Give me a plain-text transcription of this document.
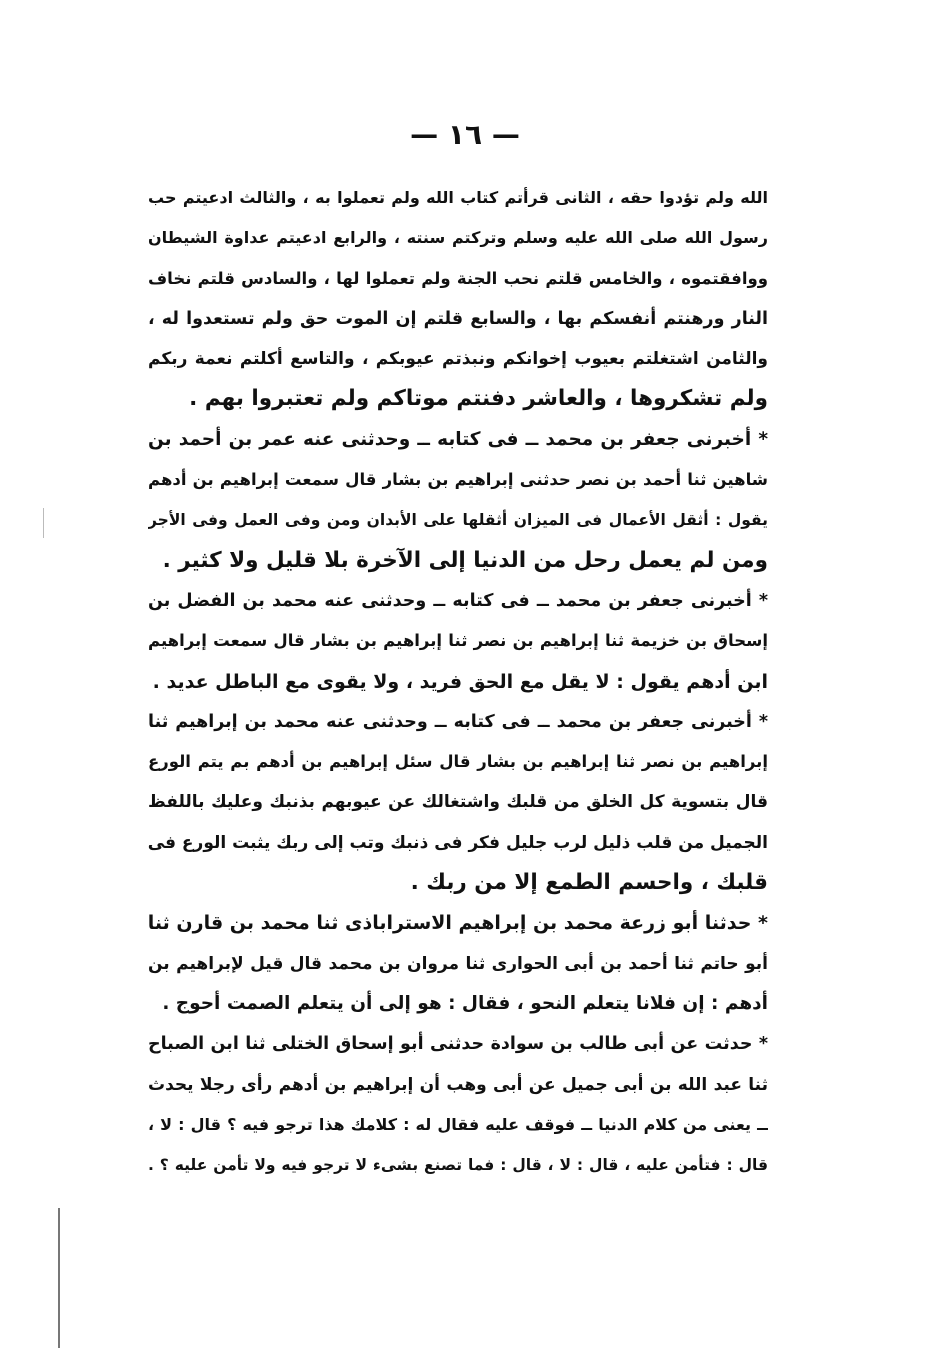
— ١٦ —
الله ولم تؤدوا حقه ، الثانى قرأتم كتاب الله ولم تعملوا به ، والثالث ادعيتم حب
رسول الله صلى الله عليه وسلم وتركتم سنته ، والرابع ادعيتم عداوة الشيطان
ووافقتموه ، والخامس قلتم نحب الجنة ولم تعملوا لها ، والسادس قلتم نخاف
النار ورهنتم أنفسكم بها ، والسابع قلتم إن الموت حق ولم تستعدوا له ،
والثامن اشتغلتم بعيوب إخوانكم ونبذتم عيوبكم ، والتاسع أكلتم نعمة ربكم
ولم تشكروها ، والعاشر دفنتم موتاكم ولم تعتبروا بهم .
* أخبرنى جعفر بن محمد ــ فى كتابه ــ وحدثنى عنه عمر بن أحمد بن
شاهين ثنا أحمد بن نصر حدثنى إبراهيم بن بشار قال سمعت إبراهيم بن أدهم
يقول : أثقل الأعمال فى الميزان أثقلها على الأبدان ومن وفى العمل وفى الأجر
ومن لم يعمل رحل من الدنيا إلى الآخرة بلا قليل ولا كثير .
* أخبرنى جعفر بن محمد ــ فى كتابه ــ وحدثنى عنه محمد بن الفضل بن
إسحاق بن خزيمة ثنا إبراهيم بن نصر ثنا إبراهيم بن بشار قال سمعت إبراهيم
ابن أدهم يقول : لا يقل مع الحق فريد ، ولا يقوى مع الباطل عديد .
* أخبرنى جعفر بن محمد ــ فى كتابه ــ وحدثنى عنه محمد بن إبراهيم ثنا
إبراهيم بن نصر ثنا إبراهيم بن بشار قال سئل إبراهيم بن أدهم بم يتم الورع
قال بتسوية كل الخلق من قلبك واشتغالك عن عيوبهم بذنبك وعليك باللفظ
الجميل من قلب ذليل لرب جليل فكر فى ذنبك وتب إلى ربك يثبت الورع فى
قلبك ، واحسم الطمع إلا من ربك .
* حدثنا أبو زرعة محمد بن إبراهيم الاستراباذى ثنا محمد بن قارن ثنا
أبو حاتم ثنا أحمد بن أبى الحوارى ثنا مروان بن محمد قال قيل لإبراهيم بن
أدهم : إن فلانا يتعلم النحو ، فقال : هو إلى أن يتعلم الصمت أحوج .
* حدثت عن أبى طالب بن سوادة حدثنى أبو إسحاق الختلى ثنا ابن الصباح
ثنا عبد الله بن أبى جميل عن أبى وهب أن إبراهيم بن أدهم رأى رجلا يحدث
ــ يعنى من كلام الدنيا ــ فوقف عليه فقال له : كلامك هذا ترجو فيه ؟ قال : لا ،
قال : فتأمن عليه ، قال : لا ، قال : فما تصنع بشىء لا ترجو فيه ولا تأمن عليه ؟ .
